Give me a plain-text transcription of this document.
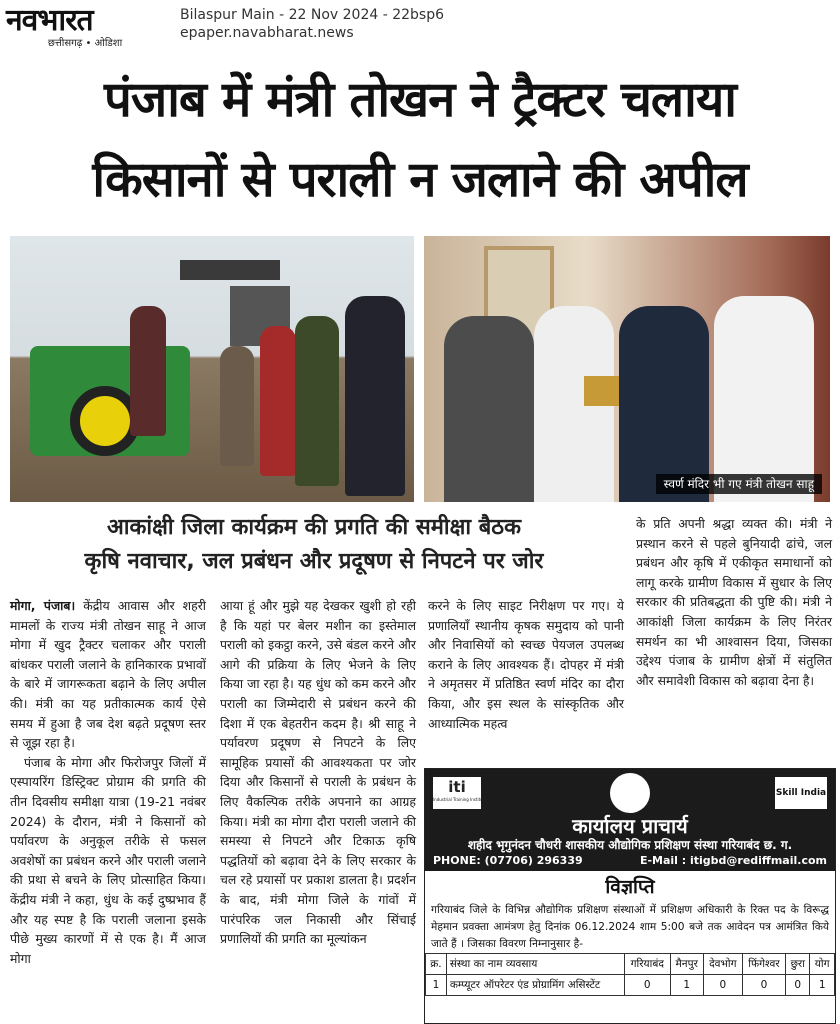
नवभारत
छत्तीसगढ़ • ओडिशा
Bilaspur Main - 22 Nov 2024 - 22bsp6
epaper.navabharat.news
पंजाब में मंत्री तोखन ने ट्रैक्टर चलाया
किसानों से पराली न जलाने की अपील
स्वर्ण मंदिर भी गए मंत्री तोखन साहू
आकांक्षी जिला कार्यक्रम की प्रगति की समीक्षा बैठक
कृषि नवाचार, जल प्रबंधन और प्रदूषण से निपटने पर जोर

मोगा, पंजाब। केंद्रीय आवास और शहरी मामलों के राज्य मंत्री तोखन साहू ने आज मोगा में खुद ट्रैक्टर चलाकर और पराली बांधकर पराली जलाने के हानिकारक प्रभावों के बारे में जागरूकता बढ़ाने के लिए अपील की। मंत्री का यह प्रतीकात्मक कार्य ऐसे समय में हुआ है जब देश बढ़ते प्रदूषण स्तर से जूझ रहा है।

पंजाब के मोगा और फिरोजपुर जिलों में एस्पायरिंग डिस्ट्रिक्ट प्रोग्राम की प्रगति की तीन दिवसीय समीक्षा यात्रा (19-21 नवंबर 2024) के दौरान, मंत्री ने किसानों को पर्यावरण के अनुकूल तरीके से फसल अवशेषों का प्रबंधन करने और पराली जलाने की प्रथा से बचने के लिए प्रोत्साहित किया। केंद्रीय मंत्री ने कहा, धुंध के कई दुष्प्रभाव हैं और यह स्पष्ट है कि पराली जलाना इसके पीछे मुख्य कारणों में से एक है। मैं आज मोगा

आया हूं और मुझे यह देखकर खुशी हो रही है कि यहां पर बेलर मशीन का इस्तेमाल पराली को इकट्ठा करने, उसे बंडल करने और आगे की प्रक्रिया के लिए भेजने के लिए किया जा रहा है। यह धुंध को कम करने और पराली का जिम्मेदारी से प्रबंधन करने की दिशा में एक बेहतरीन कदम है। श्री साहू ने पर्यावरण प्रदूषण से निपटने के लिए सामूहिक प्रयासों की आवश्यकता पर जोर दिया और किसानों से पराली के प्रबंधन के लिए वैकल्पिक तरीके अपनाने का आग्रह किया। मंत्री का मोगा दौरा पराली जलाने की समस्या से निपटने और टिकाऊ कृषि पद्धतियों को बढ़ावा देने के लिए सरकार के चल रहे प्रयासों पर प्रकाश डालता है। प्रदर्शन के बाद, मंत्री मोगा जिले के गांवों में पारंपरिक जल निकासी और सिंचाई प्रणालियों की प्रगति का मूल्यांकन

करने के लिए साइट निरीक्षण पर गए। ये प्रणालियाँ स्थानीय कृषक समुदाय को पानी और निवासियों को स्वच्छ पेयजल उपलब्ध कराने के लिए आवश्यक हैं। दोपहर में मंत्री ने अमृतसर में प्रतिष्ठित स्वर्ण मंदिर का दौरा किया, और इस स्थल के सांस्कृतिक और आध्यात्मिक महत्व

के प्रति अपनी श्रद्धा व्यक्त की। मंत्री ने प्रस्थान करने से पहले बुनियादी ढांचे, जल प्रबंधन और कृषि में एकीकृत समाधानों को लागू करके ग्रामीण विकास में सुधार के लिए सरकार की प्रतिबद्धता की पुष्टि की। मंत्री ने आकांक्षी जिला कार्यक्रम के लिए निरंतर समर्थन का भी आश्वासन दिया, जिसका उद्देश्य पंजाब के ग्रामीण क्षेत्रों में संतुलित और समावेशी विकास को बढ़ावा देना है।

iti
Industrial Training Institute
Skill India
कार्यालय प्राचार्य
शहीद भृगुनंदन चौधरी शासकीय औद्योगिक प्रशिक्षण संस्था गरियाबंद छ. ग.
PHONE: (07706) 296339	E-Mail : itigbd@rediffmail.com
विज्ञप्ति
गरियाबंद जिले के विभिन्न औद्योगिक प्रशिक्षण संस्थाओं में प्रशिक्षण अधिकारी के रिक्त पद के विरूद्ध मेहमान प्रवक्ता आमंत्रण हेतु दिनांक 06.12.2024 शाम 5:00 बजे तक आवेदन पत्र आमंत्रित किये जाते हैं । जिसका विवरण निम्नानुसार है-
क्र.	संस्था का नाम व्यवसाय	गरियाबंद	मैनपुर	देवभोग	फिंगेश्वर	छुरा	योग
1	कम्प्यूटर ऑपरेटर एंड प्रोग्रामिंग असिस्टेंट	0	1	0	0	0	1
